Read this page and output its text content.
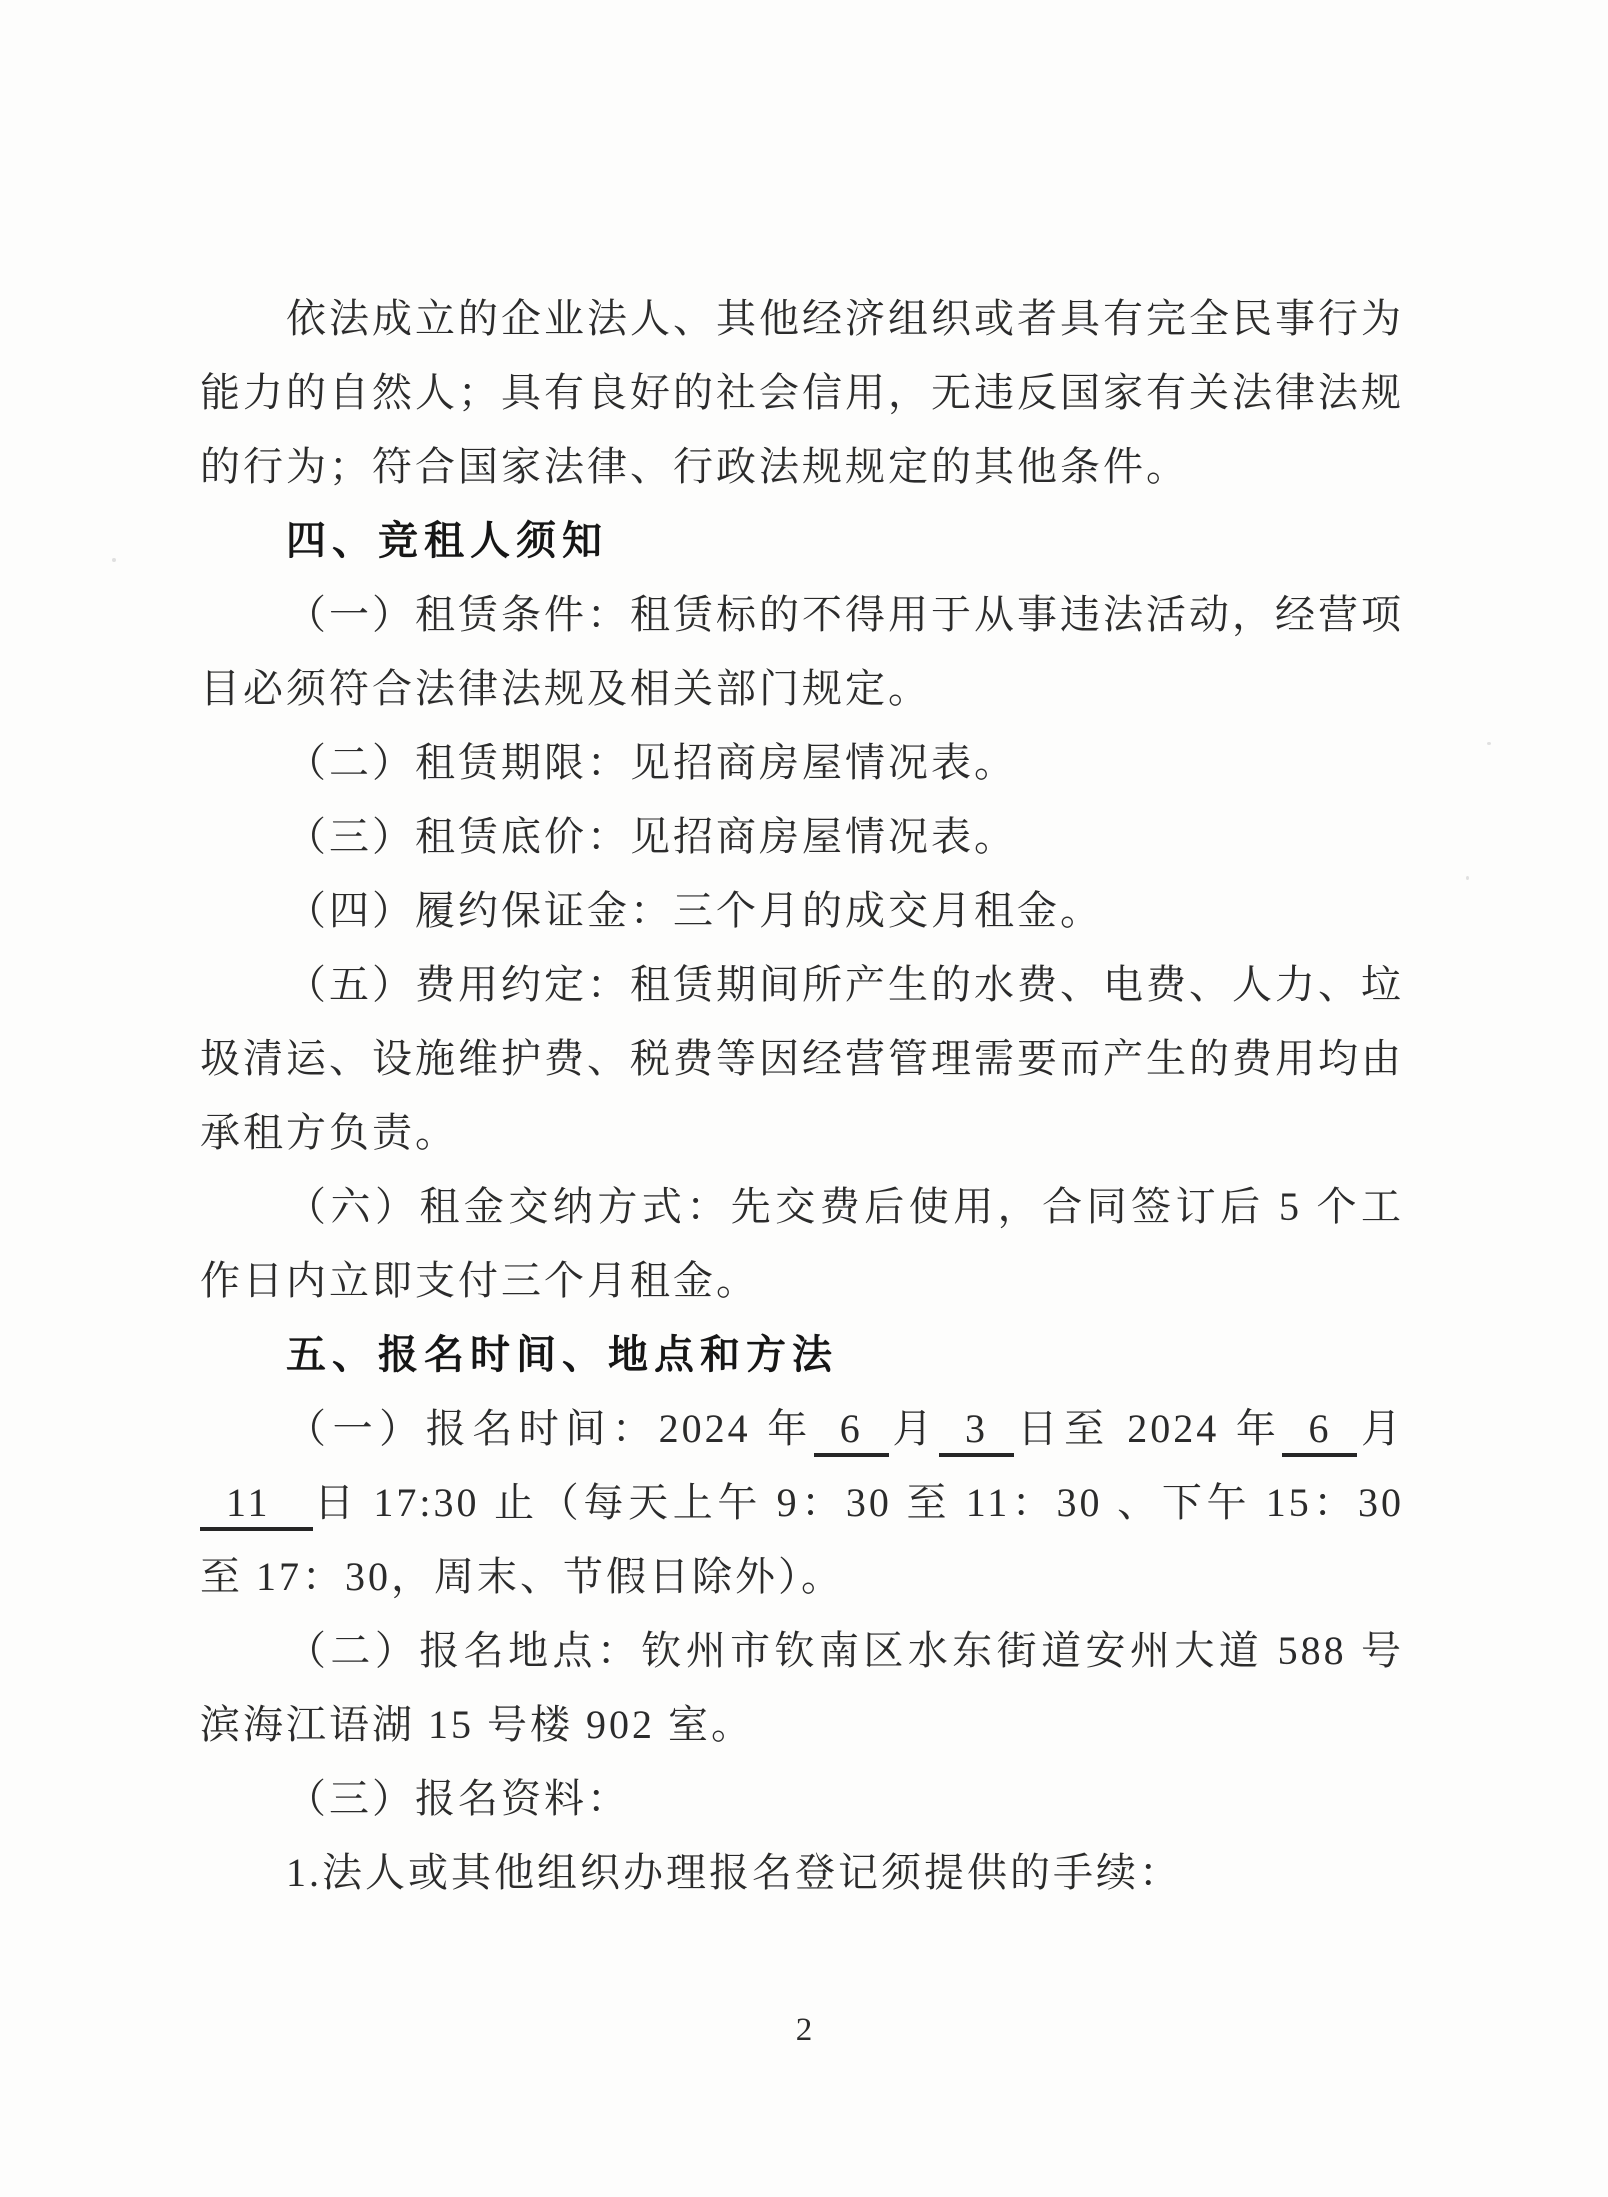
依法成立的企业法人、其他经济组织或者具有完全民事行为能力的自然人；具有良好的社会信用，无违反国家有关法律法规的行为；符合国家法律、行政法规规定的其他条件。

四、竞租人须知

（一）租赁条件：租赁标的不得用于从事违法活动，经营项目必须符合法律法规及相关部门规定。

（二）租赁期限：见招商房屋情况表。

（三）租赁底价：见招商房屋情况表。

（四）履约保证金：三个月的成交月租金。

（五）费用约定：租赁期间所产生的水费、电费、人力、垃圾清运、设施维护费、税费等因经营管理需要而产生的费用均由承租方负责。

（六）租金交纳方式：先交费后使用，合同签订后 5 个工作日内立即支付三个月租金。

五、报名时间、地点和方法

（一）报名时间：2024 年 6 月 3 日至 2024 年 6 月11 日 17:30 止（每天上午 9：30 至 11：30 、下午 15：30 至 17：30，周末、节假日除外）。

（二）报名地点：钦州市钦南区水东街道安州大道 588 号滨海江语湖 15 号楼 902 室。

（三）报名资料：

1.法人或其他组织办理报名登记须提供的手续：

2
